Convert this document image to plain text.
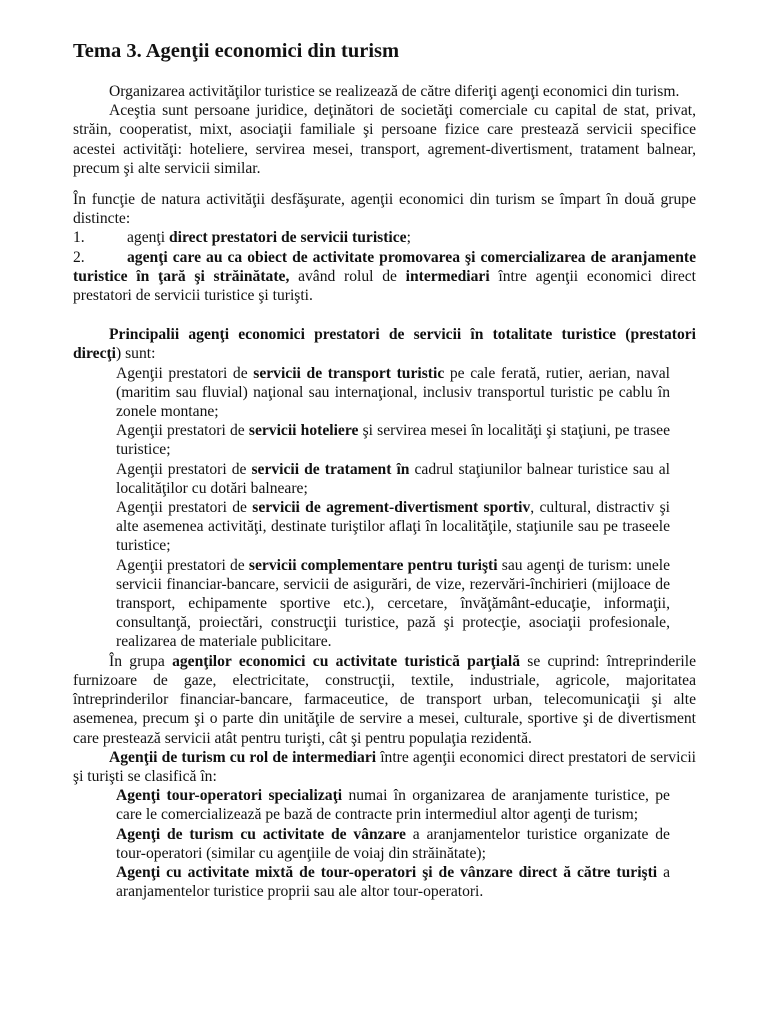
Tema 3. Agenţii economici din turism

Organizarea activităţilor turistice se realizează de către diferiţi agenţi economici din turism.

Aceştia sunt persoane juridice, deţinători de societăţi comerciale cu capital de stat, privat, străin, cooperatist, mixt, asociaţii familiale şi persoane fizice care prestează servicii specifice acestei activităţi: hoteliere, servirea mesei, transport, agrement-divertisment, tratament balnear, precum şi alte servicii similar.

În funcţie de natura activităţii desfăşurate, agenţii economici din turism se împart în două grupe distincte:

1.	agenţi direct prestatori de servicii turistice;

2.	agenţi care au ca obiect de activitate promovarea şi comercializarea de aranjamente turistice în ţară şi străinătate, având rolul de intermediari între agenţii economici direct prestatori de servicii turistice şi turişti.

Principalii agenţi economici prestatori de servicii în totalitate turistice (prestatori direcţi) sunt:

Agenţii prestatori de servicii de transport turistic pe cale ferată, rutier, aerian, naval (maritim sau fluvial) naţional sau internaţional, inclusiv transportul turistic pe cablu în zonele montane;

Agenţii prestatori de servicii hoteliere şi servirea mesei în localităţi şi staţiuni, pe trasee turistice;

Agenţii prestatori de servicii de tratament în cadrul staţiunilor balnear turistice sau al localităţilor cu dotări balneare;

Agenţii prestatori de servicii de agrement-divertisment sportiv, cultural, distractiv şi alte asemenea activităţi, destinate turiştilor aflaţi în localităţile, staţiunile sau pe traseele turistice;

Agenţii prestatori de servicii complementare pentru turişti sau agenţi de turism: unele servicii financiar-bancare, servicii de asigurări, de vize, rezervări-închirieri (mijloace de transport, echipamente sportive etc.), cercetare, învăţământ-educaţie, informaţii, consultanţă, proiectări, construcţii turistice, pază şi protecţie, asociaţii profesionale, realizarea de materiale publicitare.

În grupa agenţilor economici cu activitate turistică parţială se cuprind: întreprinderile furnizoare de gaze, electricitate, construcţii, textile, industriale, agricole, majoritatea întreprinderilor financiar-bancare, farmaceutice, de transport urban, telecomunicaţii şi alte asemenea, precum şi o parte din unităţile de servire a mesei, culturale, sportive şi de divertisment care prestează servicii atât pentru turişti, cât şi pentru populaţia rezidentă.

Agenţii de turism cu rol de intermediari între agenţii economici direct prestatori de servicii şi turişti se clasifică în:

Agenţi tour-operatori specializaţi numai în organizarea de aranjamente turistice, pe care le comercializează pe bază de contracte prin intermediul altor agenţi de turism;

Agenţi de turism cu activitate de vânzare a aranjamentelor turistice organizate de tour-operatori (similar cu agenţiile de voiaj din străinătate);

Agenţi cu activitate mixtă de tour-operatori şi de vânzare direct ă către turişti a aranjamentelor turistice proprii sau ale altor tour-operatori.
